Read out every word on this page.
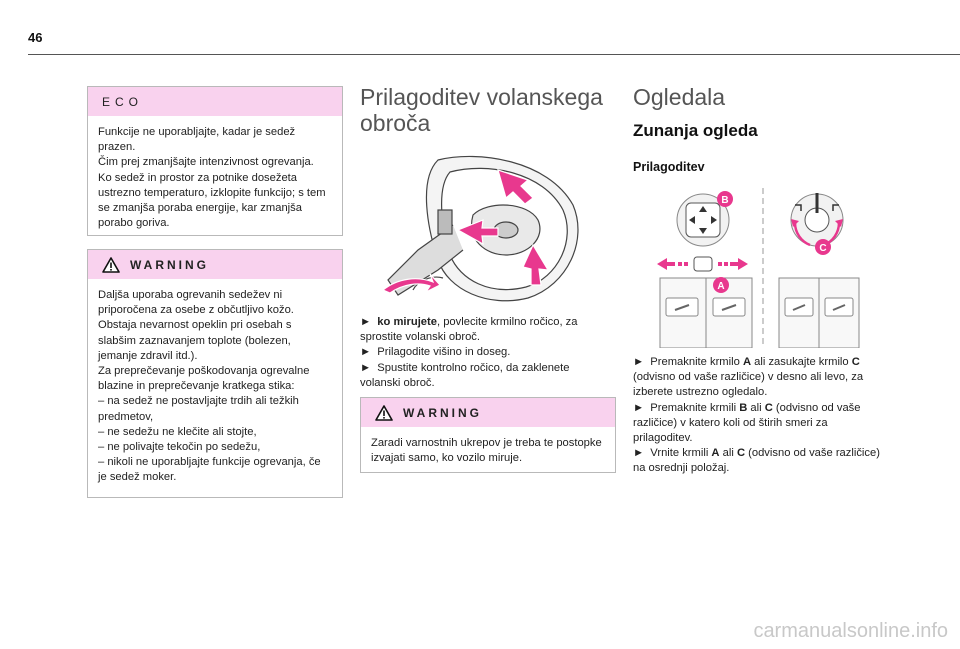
46
ECO
Funkcije ne uporabljajte, kadar je sedež prazen.
Čim prej zmanjšajte intenzivnost ogrevanja.
Ko sedež in prostor za potnike dosežeta ustrezno temperaturo, izklopite funkcijo; s tem se zmanjša poraba energije, kar zmanjša porabo goriva.
WARNING

Daljša uporaba ogrevanih sedežev ni priporočena za osebe z občutljivo kožo.

Obstaja nevarnost opeklin pri osebah s slabšim zaznavanjem toplote (bolezen, jemanje zdravil itd.).

Za preprečevanje poškodovanja ogrevalne blazine in preprečevanje kratkega stika:

– na sedež ne postavljajte trdih ali težkih predmetov,

– ne sedežu ne klečite ali stojte,

– ne polivajte tekočin po sedežu,

– nikoli ne uporabljajte funkcije ogrevanja, če je sedež moker.

Prilagoditev volanskega obroča

► ko mirujete, povlecite krmilno ročico, za sprostite volanski obroč.

► Prilagodite višino in doseg.

► Spustite kontrolno ročico, da zaklenete volanski obroč.

WARNING
Zaradi varnostnih ukrepov je treba te postopke izvajati samo, ko vozilo miruje.
Ogledala
Zunanja ogleda
Prilagoditev
B
A
C

► Premaknite krmilo A ali zasukajte krmilo C (odvisno od vaše različice) v desno ali levo, za izberete ustrezno ogledalo.

► Premaknite krmili B ali C (odvisno od vaše različice) v katero koli od štirih smeri za prilagoditev.

► Vrnite krmili A ali C (odvisno od vaše različice) na osrednji položaj.

carmanualsonline.info
